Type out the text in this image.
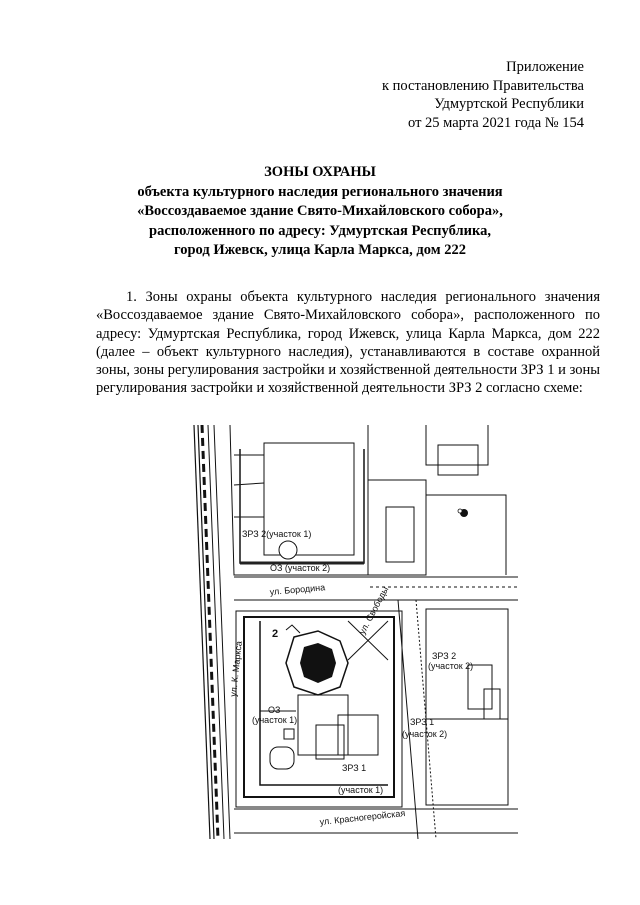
Приложение
к постановлению Правительства
Удмуртской Республики
от 25 марта 2021 года № 154
ЗОНЫ ОХРАНЫ
объекта культурного наследия регионального значения
«Воссоздаваемое здание Свято-Михайловского собора»,
расположенного по адресу: Удмуртская Республика,
город Ижевск, улица Карла Маркса, дом 222
1. Зоны охраны объекта культурного наследия регионального значения «Воссоздаваемое здание Свято-Михайловского собора», расположенного по адресу: Удмуртская Республика, город Ижевск, улица Карла Маркса, дом 222 (далее – объект культурного наследия), устанавливаются в составе охранной зоны, зоны регулирования застройки и хозяйственной деятельности ЗРЗ 1 и зоны регулирования застройки и хозяйственной деятельности ЗРЗ 2 согласно схеме:
ЗРЗ 2(участок 1)
ОЗ (участок 2)
ул. Бородина	ул. Свободы
ул. К. Маркса
ул. Красногеройская
2
ОЗ
(участок 1)
ЗРЗ 2
(участок 2)
ЗРЗ 1
(участок 2)
ЗРЗ 1
(участок 1)
